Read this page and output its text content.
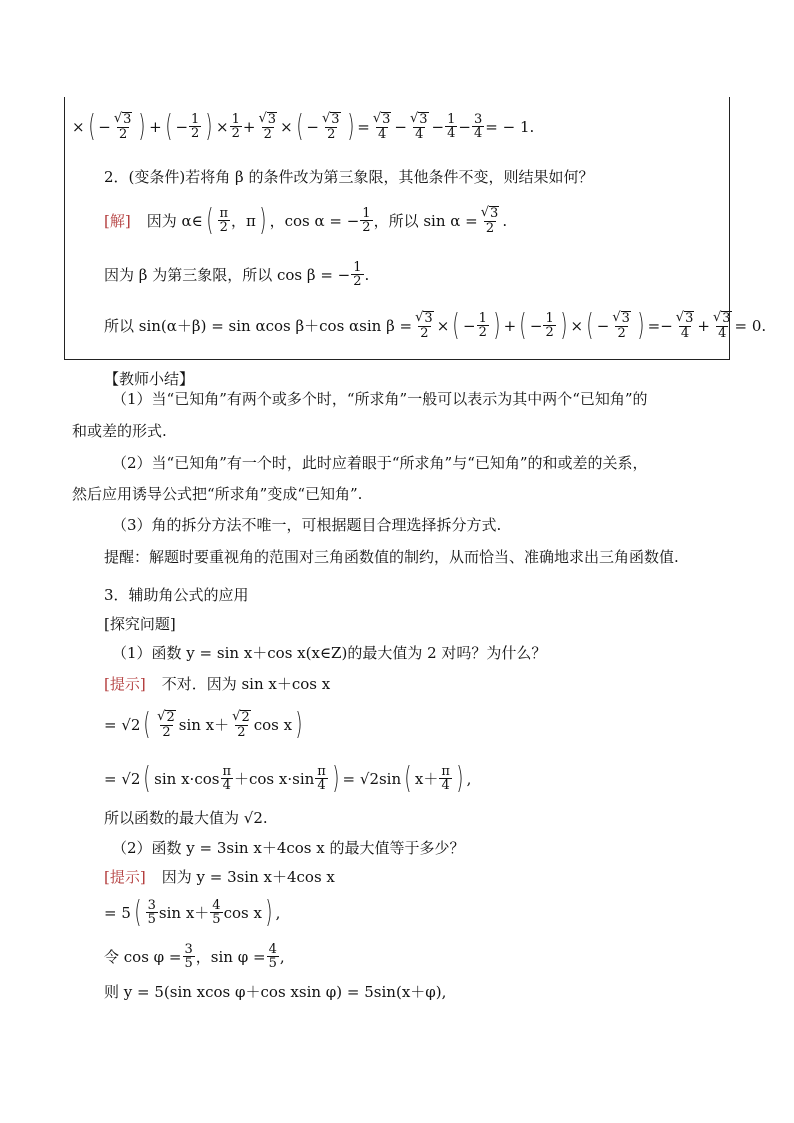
× ( − $\frac{√ 3}{2}$ ) + ( − $\frac{1}{2}$ ) × $\frac{1}{2} + \frac{√ 3}{2}$ × ( − $\frac{√ 3}{2}$ ) = $\frac{√ 3}{4} - \frac{√ 3}{4} - \frac{1}{4} - \frac{3}{4}$ = − 1.
2．(变条件)若将角 β 的条件改为第三象限，其他条件不变，则结果如何？
[解] 因为 α∈ ( $\frac{\pi}{2}$ ，π ) ，cos α = − $\frac{1}{2}$ ，所以 $\sin \alpha = \frac{√ 3}{2}$ .
因为 β 为第三象限，所以 cos β = − $\frac{1}{2}$ .
所以 sin(α＋β) = sin αcos β＋cos αsin $\beta = \frac{√ 3}{2}$ × ( − $\frac{1}{2}$ ) + ( − $\frac{1}{2}$ ) × ( − $\frac{√ 3}{2}$ ) = − $\frac{√ 3}{4} + \frac{√ 3}{4} = 0$.
【教师小结】
（1）当“已知角”有两个或多个时，“所求角”一般可以表示为其中两个“已知角”的
和或差的形式.
（2）当“已知角”有一个时，此时应着眼于“所求角”与“已知角”的和或差的关系，
然后应用诱导公式把“所求角”变成“已知角”.
（3）角的拆分方法不唯一，可根据题目合理选择拆分方式.
提醒：解题时要重视角的范围对三角函数值的制约，从而恰当、准确地求出三角函数值.
3．辅助角公式的应用
[探究问题]
（1）函数 y = sin x＋cos x(x∈Z)的最大值为 2 对吗？为什么？
[提示] 不对．因为 sin x＋cos x
= √2 ( $\frac{√ 2}{2}$ $\sin x+ \frac{√ 2}{2}$ cos x )
= √2 ( $\sin x\cdot\cos \frac{\pi}{4} +\cos$ $x\cdot\sin \frac{\pi}{4}$ ) = √2sin ( $x+ \frac{\pi}{4}$ ) ,
所以函数的最大值为 √2.
（2）函数 y = 3sin x＋4cos x 的最大值等于多少？
[提示] 因为 y = 3sin x＋4cos x
= 5 ( $\frac{3}{5}$ $\sin x+ \frac{4}{5}$ cos x ) ,
令 $\cos \varphi = \frac{3}{5}$ ，$\sin \varphi = \frac{4}{5}$ ,
则 y = 5(sin xcos φ＋cos xsin φ) = 5sin(x＋φ),
